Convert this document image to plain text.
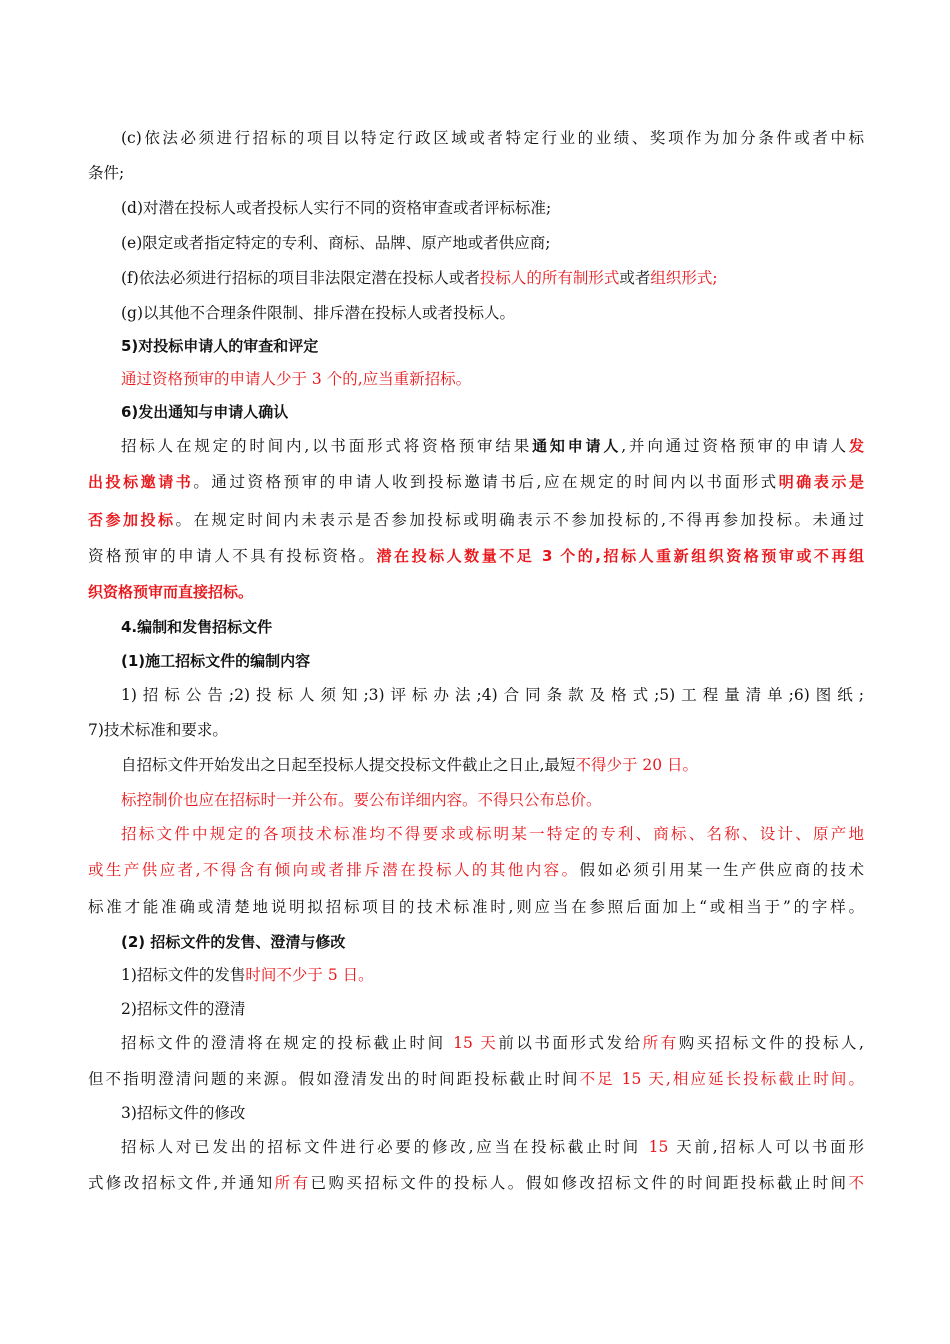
(c)依法必须进行招标的项目以特定行政区域或者特定行业的业绩、奖项作为加分条件或者中标
条件;
(d)对潜在投标人或者投标人实行不同的资格审查或者评标标准;
(e)限定或者指定特定的专利、商标、品牌、原产地或者供应商;
(f)依法必须进行招标的项目非法限定潜在投标人或者投标人的所有制形式或者组织形式;
(g)以其他不合理条件限制、排斥潜在投标人或者投标人。
5)对投标申请人的审查和评定
通过资格预审的申请人少于 3 个的,应当重新招标。
6)发出通知与申请人确认
招标人在规定的时间内,以书面形式将资格预审结果通知申请人,并向通过资格预审的申请人发
出投标邀请书。通过资格预审的申请人收到投标邀请书后,应在规定的时间内以书面形式明确表示是
否参加投标。在规定时间内未表示是否参加投标或明确表示不参加投标的,不得再参加投标。未通过
资格预审的申请人不具有投标资格。潜在投标人数量不足 3 个的,招标人重新组织资格预审或不再组
织资格预审而直接招标。
4.编制和发售招标文件
(1)施工招标文件的编制内容
1)招标公告;2)投标人须知;3)评标办法;4)合同条款及格式;5)工程量清单;6)图纸;
7)技术标准和要求。
自招标文件开始发出之日起至投标人提交投标文件截止之日止,最短不得少于 20 日。
标控制价也应在招标时一并公布。要公布详细内容。不得只公布总价。
招标文件中规定的各项技术标准均不得要求或标明某一特定的专利、商标、名称、设计、原产地
或生产供应者,不得含有倾向或者排斥潜在投标人的其他内容。假如必须引用某一生产供应商的技术
标准才能准确或清楚地说明拟招标项目的技术标准时,则应当在参照后面加上“或相当于”的字样。
(2) 招标文件的发售、澄清与修改
1)招标文件的发售时间不少于 5 日。
2)招标文件的澄清
招标文件的澄清将在规定的投标截止时间 15 天前以书面形式发给所有购买招标文件的投标人,
但不指明澄清问题的来源。假如澄清发出的时间距投标截止时间不足 15 天,相应延长投标截止时间。
3)招标文件的修改
招标人对已发出的招标文件进行必要的修改,应当在投标截止时间 15 天前,招标人可以书面形
式修改招标文件,并通知所有已购买招标文件的投标人。假如修改招标文件的时间距投标截止时间不
